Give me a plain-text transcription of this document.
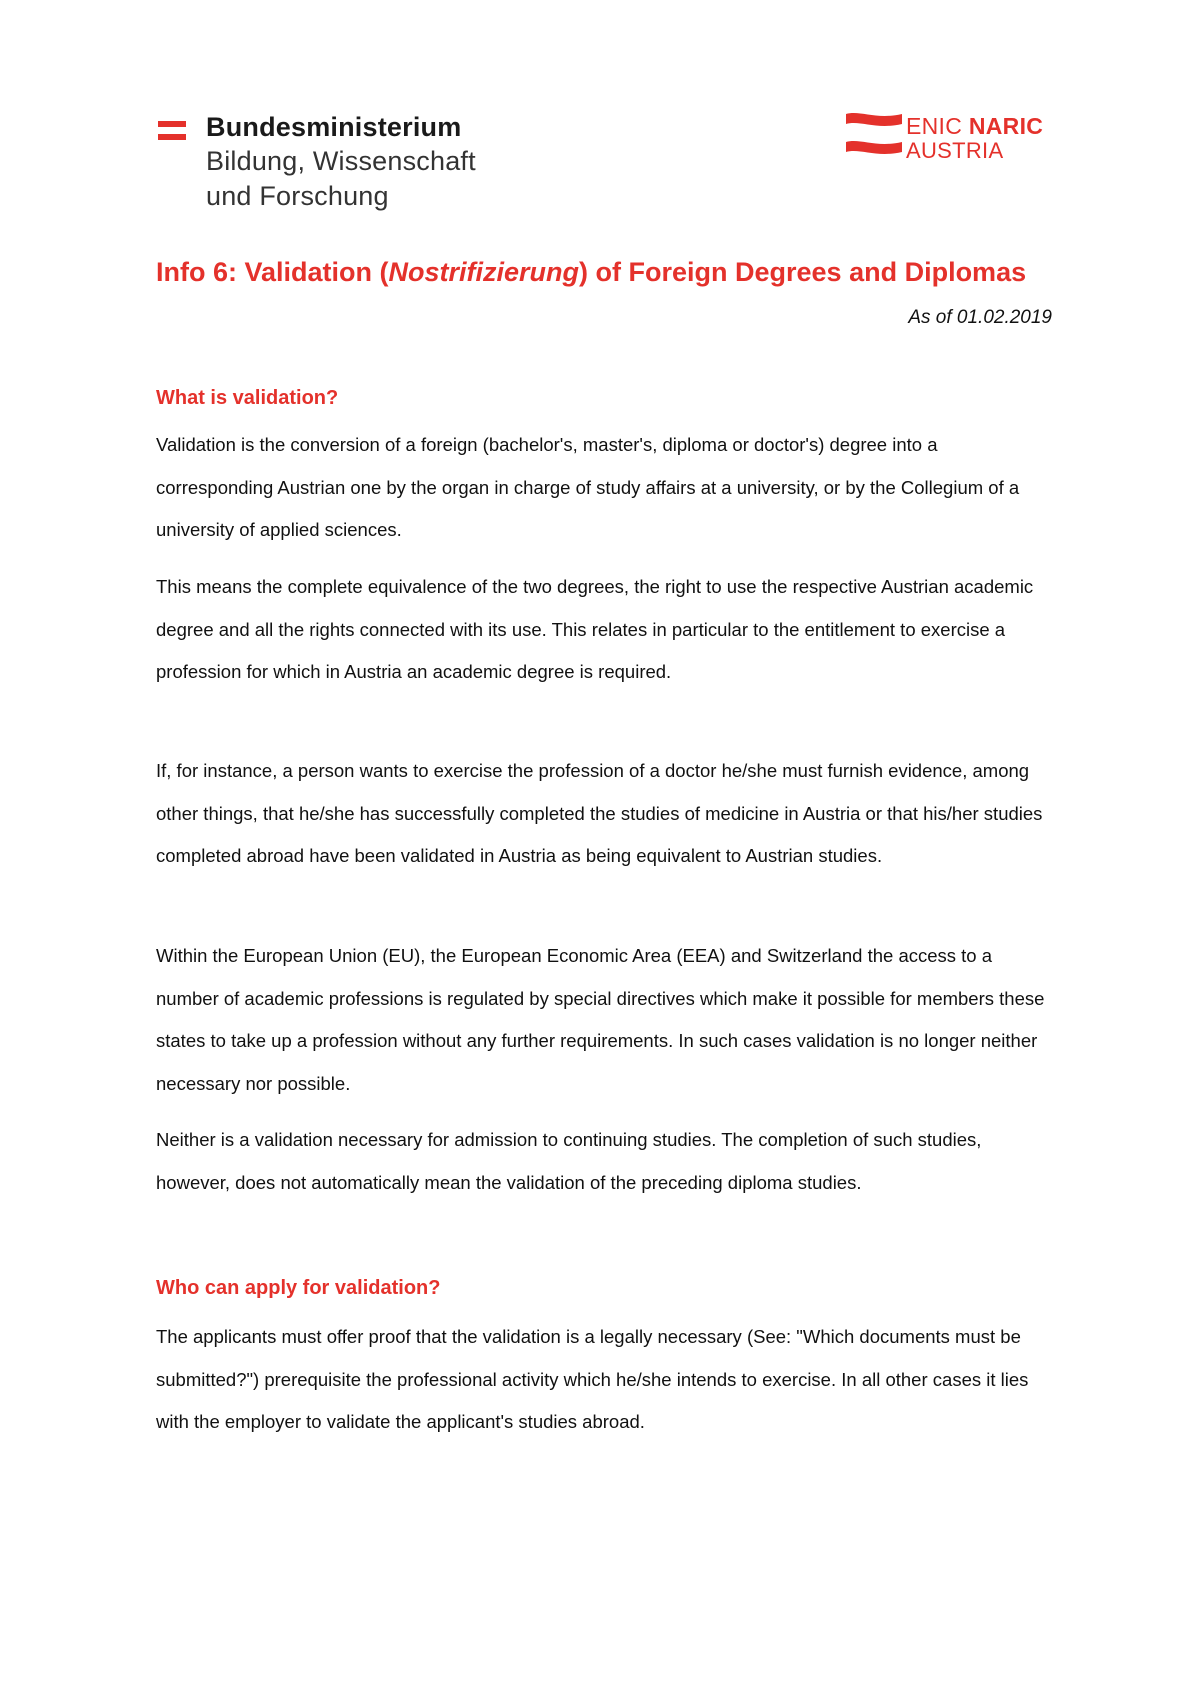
Bundesministerium
Bildung, Wissenschaft
und Forschung
ENIC NARIC
AUSTRIA
Info 6: Validation (Nostrifizierung) of Foreign Degrees and Diplomas
As of 01.02.2019
What is validation?

Validation is the conversion of a foreign (bachelor's, master's, diploma or doctor's) degree into a corresponding Austrian one by the organ in charge of study affairs at a university, or by the Collegium of a university of applied sciences.

This means the complete equivalence of the two degrees, the right to use the respective Austrian academic degree and all the rights connected with its use. This relates in particular to the entitlement to exercise a profession for which in Austria an academic degree is required.

If, for instance, a person wants to exercise the profession of a doctor he/she must furnish evidence, among other things, that he/she has successfully completed the studies of medicine in Austria or that his/her studies completed abroad have been validated in Austria as being equivalent to Austrian studies.

Within the European Union (EU), the European Economic Area (EEA) and Switzerland the access to a number of academic professions is regulated by special directives which make it possible for members these states to take up a profession without any further requirements. In such cases validation is no longer neither necessary nor possible.

Neither is a validation necessary for admission to continuing studies. The completion of such studies, however, does not automatically mean the validation of the preceding diploma studies.

Who can apply for validation?

The applicants must offer proof that the validation is a legally necessary (See: "Which documents must be submitted?") prerequisite the professional activity which he/she intends to exercise. In all other cases it lies with the employer to validate the applicant's studies abroad.
